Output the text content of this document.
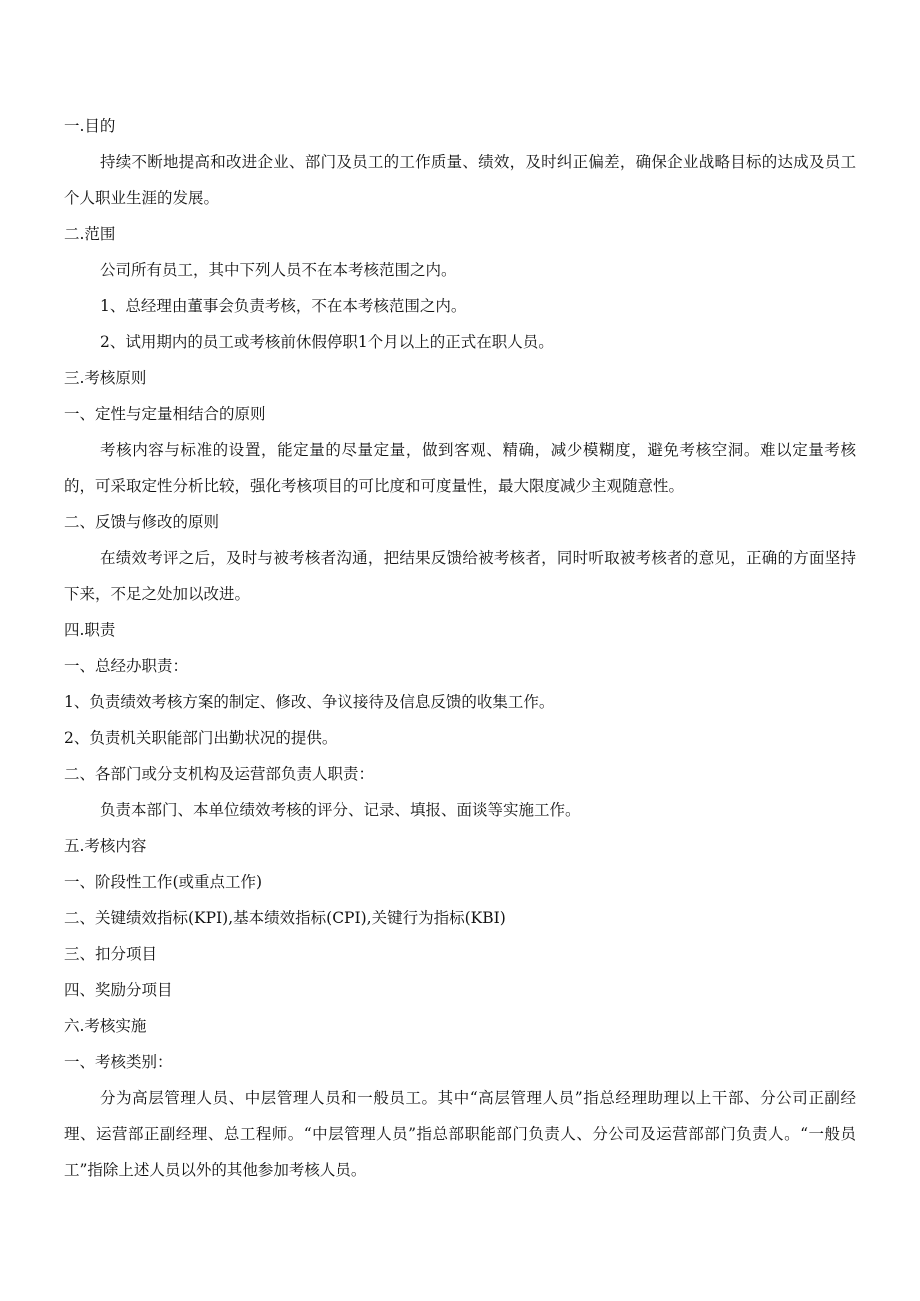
一.目的

持续不断地提高和改进企业、部门及员工的工作质量、绩效，及时纠正偏差，确保企业战略目标的达成及员工个人职业生涯的发展。

二.范围

公司所有员工，其中下列人员不在本考核范围之内。

1、总经理由董事会负责考核，不在本考核范围之内。

2、试用期内的员工或考核前休假停职1个月以上的正式在职人员。

三.考核原则

一、定性与定量相结合的原则

考核内容与标准的设置，能定量的尽量定量，做到客观、精确，减少模糊度，避免考核空洞。难以定量考核的，可采取定性分析比较，强化考核项目的可比度和可度量性，最大限度减少主观随意性。

二、反馈与修改的原则

在绩效考评之后，及时与被考核者沟通，把结果反馈给被考核者，同时听取被考核者的意见，正确的方面坚持下来，不足之处加以改进。

四.职责

一、总经办职责：

1、负责绩效考核方案的制定、修改、争议接待及信息反馈的收集工作。

2、负责机关职能部门出勤状况的提供。

二、各部门或分支机构及运营部负责人职责：

负责本部门、本单位绩效考核的评分、记录、填报、面谈等实施工作。

五.考核内容

一、阶段性工作(或重点工作)

二、关键绩效指标(KPI),基本绩效指标(CPI),关键行为指标(KBI)

三、扣分项目

四、奖励分项目

六.考核实施

一、考核类别：

分为高层管理人员、中层管理人员和一般员工。其中“高层管理人员”指总经理助理以上干部、分公司正副经理、运营部正副经理、总工程师。“中层管理人员”指总部职能部门负责人、分公司及运营部部门负责人。“一般员工”指除上述人员以外的其他参加考核人员。
